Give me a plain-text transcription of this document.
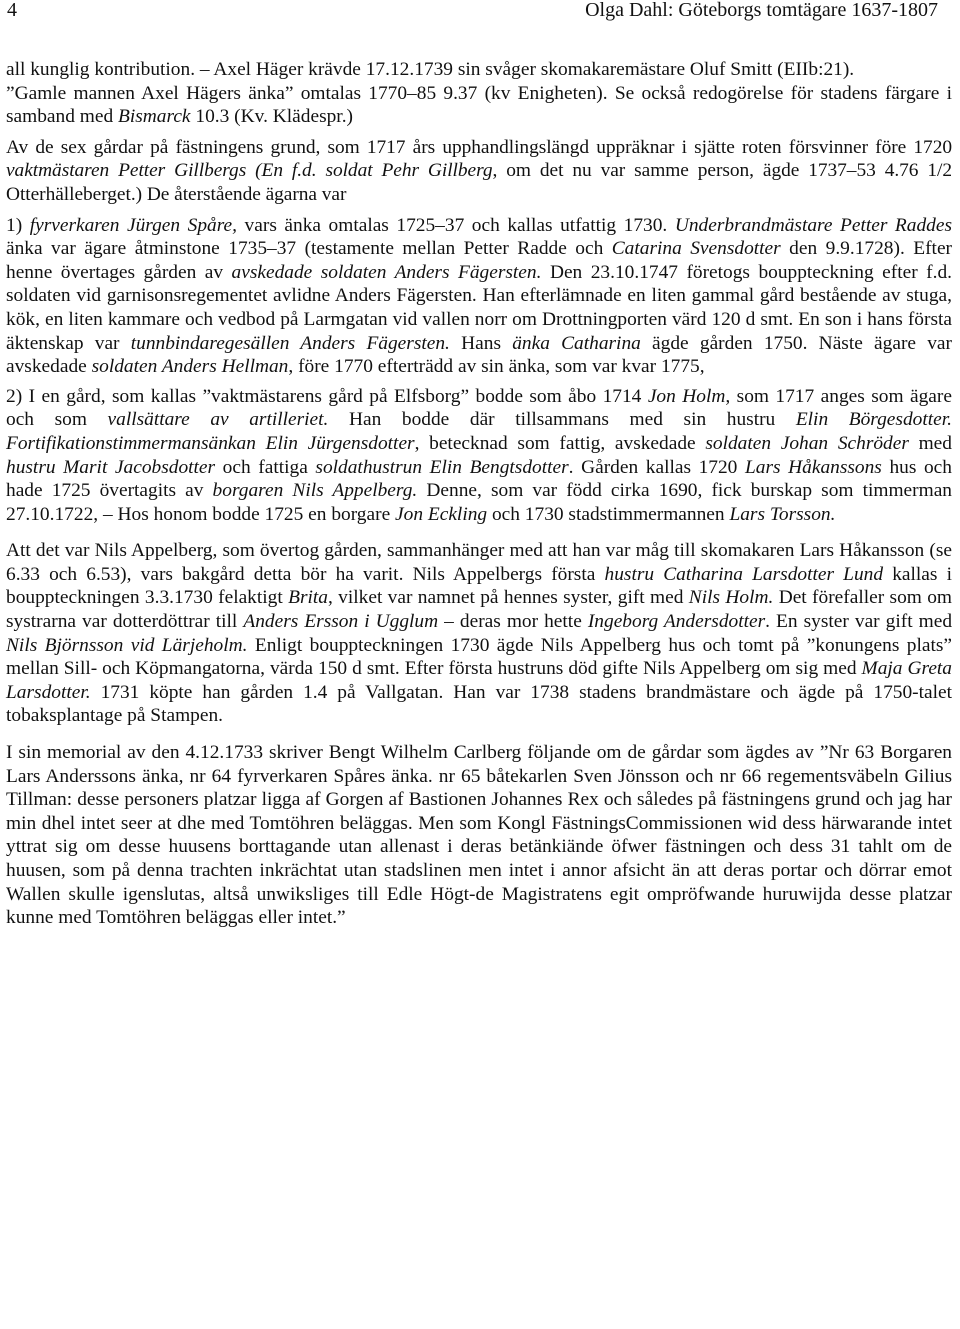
4	Olga Dahl: Göteborgs tomtägare 1637-1807

all kunglig kontribution. – Axel Häger krävde 17.12.1739 sin svåger skomakaremästare Oluf Smitt (EIIb:21).

”Gamle mannen Axel Hägers änka” omtalas 1770–85 9.37 (kv Enigheten). Se också redogörelse för stadens färgare i samband med Bismarck 10.3 (Kv. Klädespr.)

Av de sex gårdar på fästningens grund, som 1717 års upphandlingslängd uppräknar i sjätte roten försvinner före 1720 vaktmästaren Petter Gillbergs (En f.d. soldat Pehr Gillberg, om det nu var samme person, ägde 1737–53 4.76 1/2 Otterhälleberget.) De återstående ägarna var

1) fyrverkaren Jürgen Spåre, vars änka omtalas 1725–37 och kallas utfattig 1730. Underbrandmästare Petter Raddes änka var ägare åtminstone 1735–37 (testamente mellan Petter Radde och Catarina Svensdotter den 9.9.1728). Efter henne övertages gården av avskedade soldaten Anders Fägersten. Den 23.10.1747 företogs bouppteckning efter f.d. soldaten vid garnisonsregementet avlidne Anders Fägersten. Han efterlämnade en liten gammal gård bestående av stuga, kök, en liten kammare och vedbod på Larmgatan vid vallen norr om Drottningporten värd 120 d smt. En son i hans första äktenskap var tunnbindaregesällen Anders Fägersten. Hans änka Catharina ägde gården 1750. Näste ägare var avskedade soldaten Anders Hellman, före 1770 efterträdd av sin änka, som var kvar 1775,

2) I en gård, som kallas ”vaktmästarens gård på Elfsborg” bodde som åbo 1714 Jon Holm, som 1717 anges som ägare och som vallsättare av artilleriet. Han bodde där tillsammans med sin hustru Elin Börgesdotter. Fortifikationstimmermansänkan Elin Jürgensdotter, betecknad som fattig, avskedade soldaten Johan Schröder med hustru Marit Jacobsdotter och fattiga soldathustrun Elin Bengtsdotter. Gården kallas 1720 Lars Håkanssons hus och hade 1725 övertagits av borgaren Nils Appelberg. Denne, som var född cirka 1690, fick burskap som timmerman 27.10.1722, – Hos honom bodde 1725 en borgare Jon Eckling och 1730 stadstimmermannen Lars Torsson.

Att det var Nils Appelberg, som övertog gården, sammanhänger med att han var måg till skomakaren Lars Håkansson (se 6.33 och 6.53), vars bakgård detta bör ha varit. Nils Appelbergs första hustru Catharina Larsdotter Lund kallas i bouppteckningen 3.3.1730 felaktigt Brita, vilket var namnet på hennes syster, gift med Nils Holm. Det förefaller som om systrarna var dotterdöttrar till Anders Ersson i Ugglum – deras mor hette Ingeborg Andersdotter. En syster var gift med Nils Björnsson vid Lärjeholm. Enligt bouppteckningen 1730 ägde Nils Appelberg hus och tomt på ”konungens plats” mellan Sill- och Köpmangatorna, värda 150 d smt. Efter första hustruns död gifte Nils Appelberg om sig med Maja Greta Larsdotter. 1731 köpte han gården 1.4 på Vallgatan. Han var 1738 stadens brandmästare och ägde på 1750-talet tobaksplantage på Stampen.

I sin memorial av den 4.12.1733 skriver Bengt Wilhelm Carlberg följande om de gårdar som ägdes av ”Nr 63 Borgaren Lars Anderssons änka, nr 64 fyrverkaren Spåres änka. nr 65 båtekarlen Sven Jönsson och nr 66 regementsväbeln Gilius Tillman: desse personers platzar ligga af Gorgen af Bastionen Johannes Rex och således på fästningens grund och jag har min dhel intet seer at dhe med Tomtöhren beläggas. Men som Kongl FästningsCommissionen wid dess härwarande intet yttrat sig om desse huusens borttagande utan allenast i deras betänkiände öfwer fästningen och dess 31 tahlt om de huusen, som på denna trachten inkrächtat utan stadslinen men intet i annor afsicht än att deras portar och dörrar emot Wallen skulle igenslutas, altså unwiksliges till Edle Högt-de Magistratens egit ompröfwande huruwijda desse platzar kunne med Tomtöhren beläggas eller intet.”
